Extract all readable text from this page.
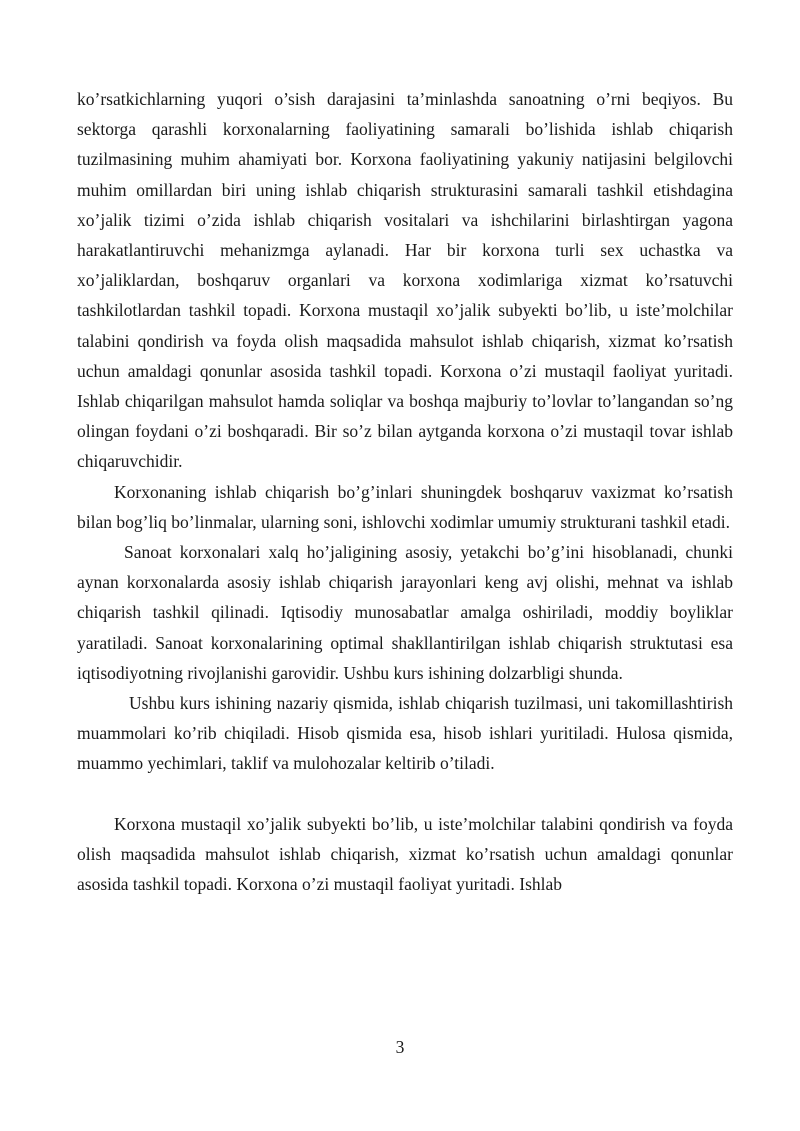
ko’rsatkichlarning yuqori o’sish darajasini ta’minlashda sanoatning o’rni beqiyos. Bu sektorga qarashli korxonalarning faoliyatining samarali bo’lishida ishlab chiqarish tuzilmasining muhim ahamiyati bor. Korxona faoliyatining yakuniy natijasini belgilovchi muhim omillardan biri uning ishlab chiqarish strukturasini samarali tashkil etishdagina xo’jalik tizimi o’zida ishlab chiqarish vositalari va ishchilarini birlashtirgan yagona harakatlantiruvchi mehanizmga aylanadi. Har bir korxona turli sex uchastka va xo’jaliklardan, boshqaruv organlari va korxona xodimlariga xizmat ko’rsatuvchi tashkilotlardan tashkil topadi. Korxona mustaqil xo’jalik subyekti bo’lib, u iste’molchilar talabini qondirish va foyda olish maqsadida mahsulot ishlab chiqarish, xizmat ko’rsatish uchun amaldagi qonunlar asosida tashkil topadi. Korxona o’zi mustaqil faoliyat yuritadi. Ishlab chiqarilgan mahsulot hamda soliqlar va boshqa majburiy to’lovlar to’langandan so’ng olingan foydani o’zi boshqaradi. Bir so’z bilan aytganda korxona o’zi mustaqil tovar ishlab chiqaruvchidir.

Korxonaning ishlab chiqarish bo’g’inlari shuningdek boshqaruv vaxizmat ko’rsatish bilan bog’liq bo’linmalar, ularning soni, ishlovchi xodimlar umumiy strukturani tashkil etadi.

Sanoat korxonalari xalq ho’jaligining asosiy, yetakchi bo’g’ini hisoblanadi, chunki aynan korxonalarda asosiy ishlab chiqarish jarayonlari keng avj olishi, mehnat va ishlab chiqarish tashkil qilinadi. Iqtisodiy munosabatlar amalga oshiriladi, moddiy boyliklar yaratiladi. Sanoat korxonalarining optimal shakllantirilgan ishlab chiqarish struktutasi esa iqtisodiyotning rivojlanishi garovidir. Ushbu kurs ishining dolzarbligi shunda.

Ushbu kurs ishining nazariy qismida, ishlab chiqarish tuzilmasi, uni takomillashtirish muammolari ko’rib chiqiladi. Hisob qismida esa, hisob ishlari yuritiladi. Hulosa qismida, muammo yechimlari, taklif va mulohozalar keltirib o’tiladi.

Korxona mustaqil xo’jalik subyekti bo’lib, u iste’molchilar talabini qondirish va foyda olish maqsadida mahsulot ishlab chiqarish, xizmat ko’rsatish uchun amaldagi qonunlar asosida tashkil topadi. Korxona o’zi mustaqil faoliyat yuritadi. Ishlab

3
